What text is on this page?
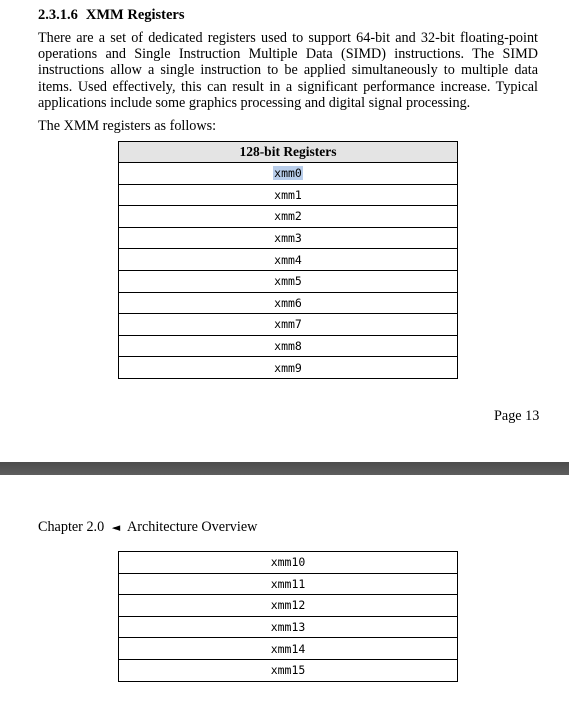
2.3.1.6 XMM Registers
There are a set of dedicated registers used to support 64-bit and 32-bit floating-point operations and Single Instruction Multiple Data (SIMD) instructions. The SIMD instructions allow a single instruction to be applied simultaneously to multiple data items. Used effectively, this can result in a significant performance increase. Typical applications include some graphics processing and digital signal processing.
The XMM registers as follows:
128-bit Registers
xmm0
xmm1
xmm2
xmm3
xmm4
xmm5
xmm6
xmm7
xmm8
xmm9
Page 13
Chapter 2.0 ◄ Architecture Overview
xmm10
xmm11
xmm12
xmm13
xmm14
xmm15
